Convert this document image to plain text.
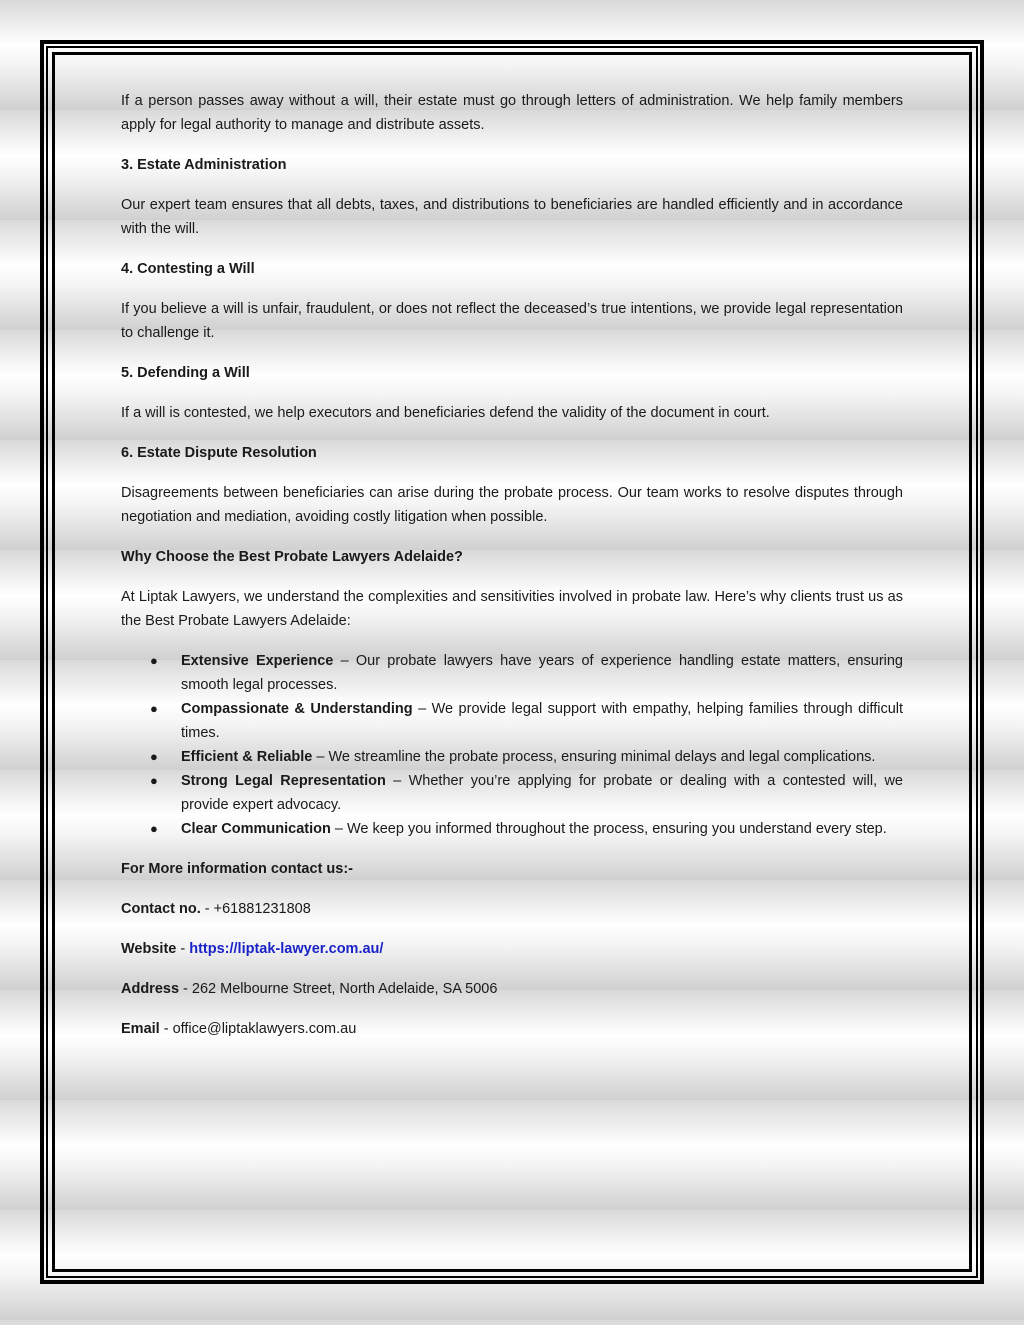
If a person passes away without a will, their estate must go through letters of administration. We help family members apply for legal authority to manage and distribute assets.

3. Estate Administration

Our expert team ensures that all debts, taxes, and distributions to beneficiaries are handled efficiently and in accordance with the will.

4. Contesting a Will

If you believe a will is unfair, fraudulent, or does not reflect the deceased’s true intentions, we provide legal representation to challenge it.

5. Defending a Will

If a will is contested, we help executors and beneficiaries defend the validity of the document in court.

6. Estate Dispute Resolution

Disagreements between beneficiaries can arise during the probate process. Our team works to resolve disputes through negotiation and mediation, avoiding costly litigation when possible.

Why Choose the Best Probate Lawyers Adelaide?

At Liptak Lawyers, we understand the complexities and sensitivities involved in probate law. Here’s why clients trust us as the Best Probate Lawyers Adelaide:

● Extensive Experience – Our probate lawyers have years of experience handling estate matters, ensuring smooth legal processes.
● Compassionate & Understanding – We provide legal support with empathy, helping families through difficult times.
● Efficient & Reliable – We streamline the probate process, ensuring minimal delays and legal complications.
● Strong Legal Representation – Whether you’re applying for probate or dealing with a contested will, we provide expert advocacy.
● Clear Communication – We keep you informed throughout the process, ensuring you understand every step.
For More information contact us:-
Contact no. - +61881231808
Website - https://liptak-lawyer.com.au/
Address - 262 Melbourne Street, North Adelaide, SA 5006
Email - office@liptaklawyers.com.au
